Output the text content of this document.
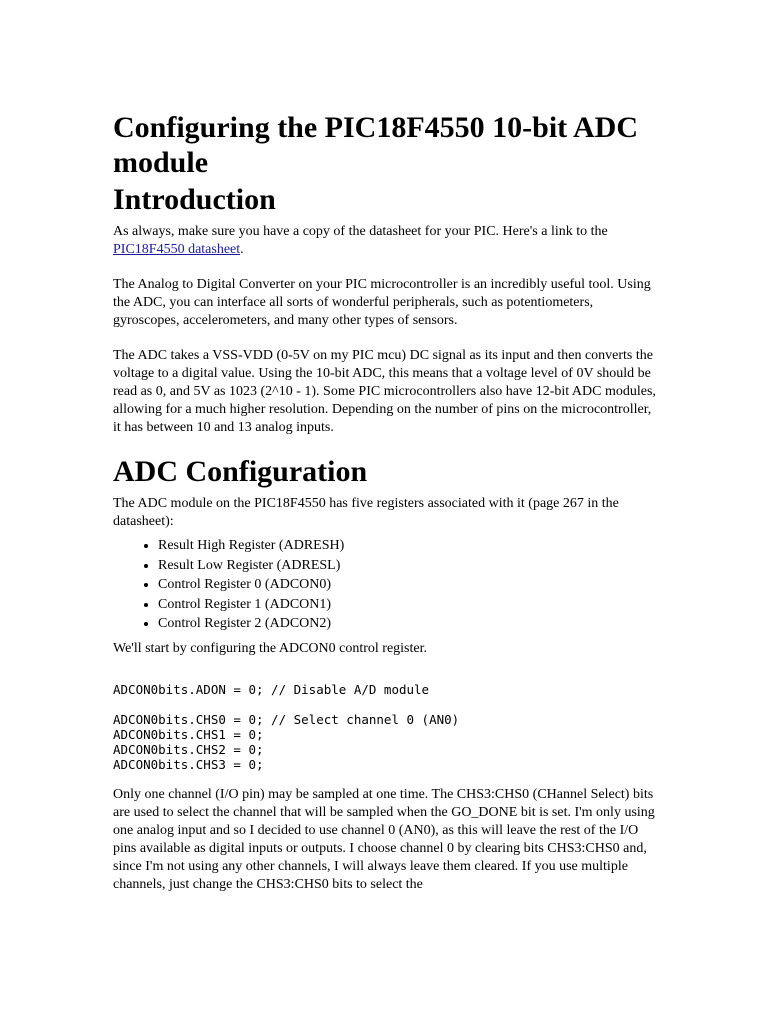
Configuring the PIC18F4550 10-bit ADC module
Introduction

As always, make sure you have a copy of the datasheet for your PIC. Here's a link to the PIC18F4550 datasheet.

The Analog to Digital Converter on your PIC microcontroller is an incredibly useful tool. Using the ADC, you can interface all sorts of wonderful peripherals, such as potentiometers, gyroscopes, accelerometers, and many other types of sensors.

The ADC takes a VSS-VDD (0-5V on my PIC mcu) DC signal as its input and then converts the voltage to a digital value. Using the 10-bit ADC, this means that a voltage level of 0V should be read as 0, and 5V as 1023 (2^10 - 1). Some PIC microcontrollers also have 12-bit ADC modules, allowing for a much higher resolution. Depending on the number of pins on the microcontroller, it has between 10 and 13 analog inputs.

ADC Configuration

The ADC module on the PIC18F4550 has five registers associated with it (page 267 in the datasheet):

• Result High Register (ADRESH)
• Result Low Register (ADRESL)
• Control Register 0 (ADCON0)
• Control Register 1 (ADCON1)
• Control Register 2 (ADCON2)

We'll start by configuring the ADCON0 control register.

ADCON0bits.ADON = 0; // Disable A/D module

ADCON0bits.CHS0 = 0; // Select channel 0 (AN0)
ADCON0bits.CHS1 = 0;
ADCON0bits.CHS2 = 0;
ADCON0bits.CHS3 = 0;

Only one channel (I/O pin) may be sampled at one time. The CHS3:CHS0 (CHannel Select) bits are used to select the channel that will be sampled when the GO_DONE bit is set. I'm only using one analog input and so I decided to use channel 0 (AN0), as this will leave the rest of the I/O pins available as digital inputs or outputs. I choose channel 0 by clearing bits CHS3:CHS0 and, since I'm not using any other channels, I will always leave them cleared. If you use multiple channels, just change the CHS3:CHS0 bits to select the
